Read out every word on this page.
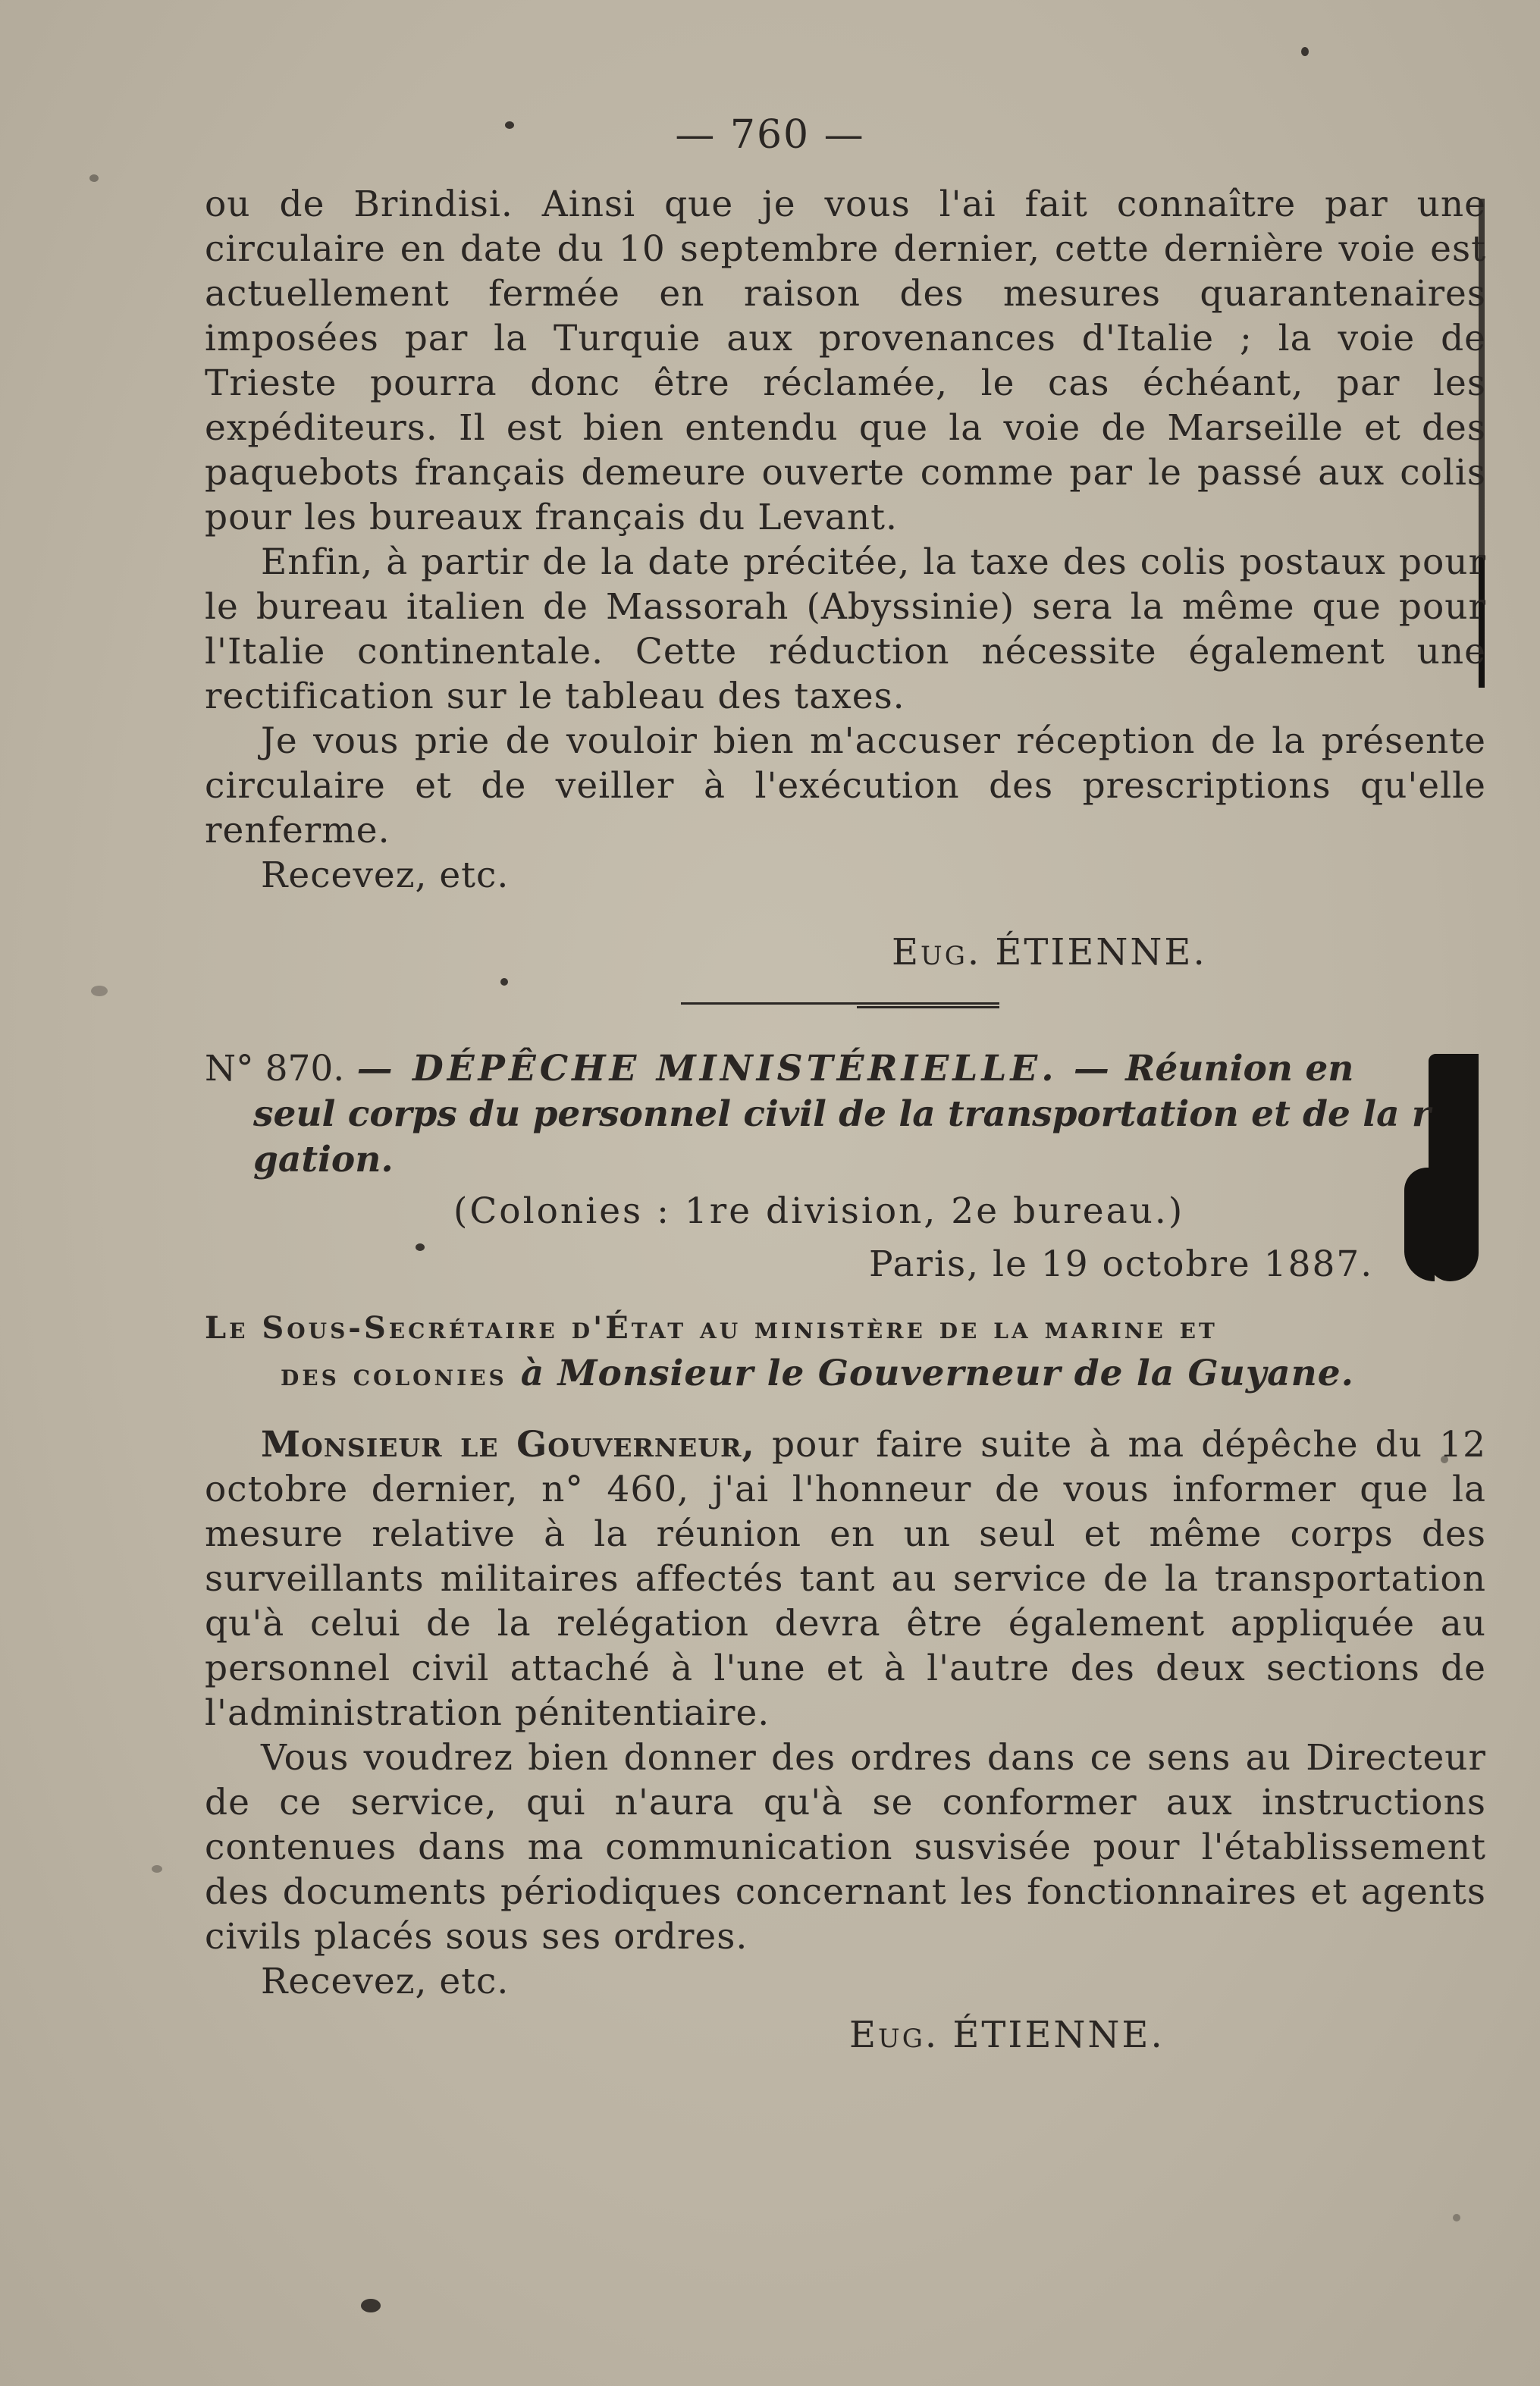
— 760 —

ou de Brindisi. Ainsi que je vous l'ai fait connaître par une circulaire en date du 10 septembre dernier, cette dernière voie est actuellement fermée en raison des mesures quarantenaires imposées par la Turquie aux provenances d'Italie ; la voie de Trieste pourra donc être réclamée, le cas échéant, par les expéditeurs. Il est bien entendu que la voie de Marseille et des paquebots français demeure ouverte comme par le passé aux colis pour les bureaux français du Levant.

Enfin, à partir de la date précitée, la taxe des colis postaux pour le bureau italien de Massorah (Abyssinie) sera la même que pour l'Italie continentale. Cette réduction nécessite également une rectification sur le tableau des taxes.

Je vous prie de vouloir bien m'accuser réception de la présente circulaire et de veiller à l'exécution des prescriptions qu'elle renferme.

Recevez, etc.

Eug. ÉTIENNE.
N° 870. — DÉPÊCHE MINISTÉRIELLE. — Réunion en
seul corps du personnel civil de la transportation et de la r
gation.
(Colonies : 1re division, 2e bureau.)
Paris, le 19 octobre 1887.
Le Sous-Secrétaire d'État au ministère de la marine et
des colonies à Monsieur le Gouverneur de la Guyane.

Monsieur le Gouverneur, pour faire suite à ma dépêche du 12 octobre dernier, n° 460, j'ai l'honneur de vous informer que la mesure relative à la réunion en un seul et même corps des surveillants militaires affectés tant au service de la transportation qu'à celui de la relégation devra être également appliquée au personnel civil attaché à l'une et à l'autre des deux sections de l'administration pénitentiaire.

Vous voudrez bien donner des ordres dans ce sens au Directeur de ce service, qui n'aura qu'à se conformer aux instructions contenues dans ma communication susvisée pour l'établissement des documents périodiques concernant les fonctionnaires et agents civils placés sous ses ordres.

Recevez, etc.

Eug. ÉTIENNE.
